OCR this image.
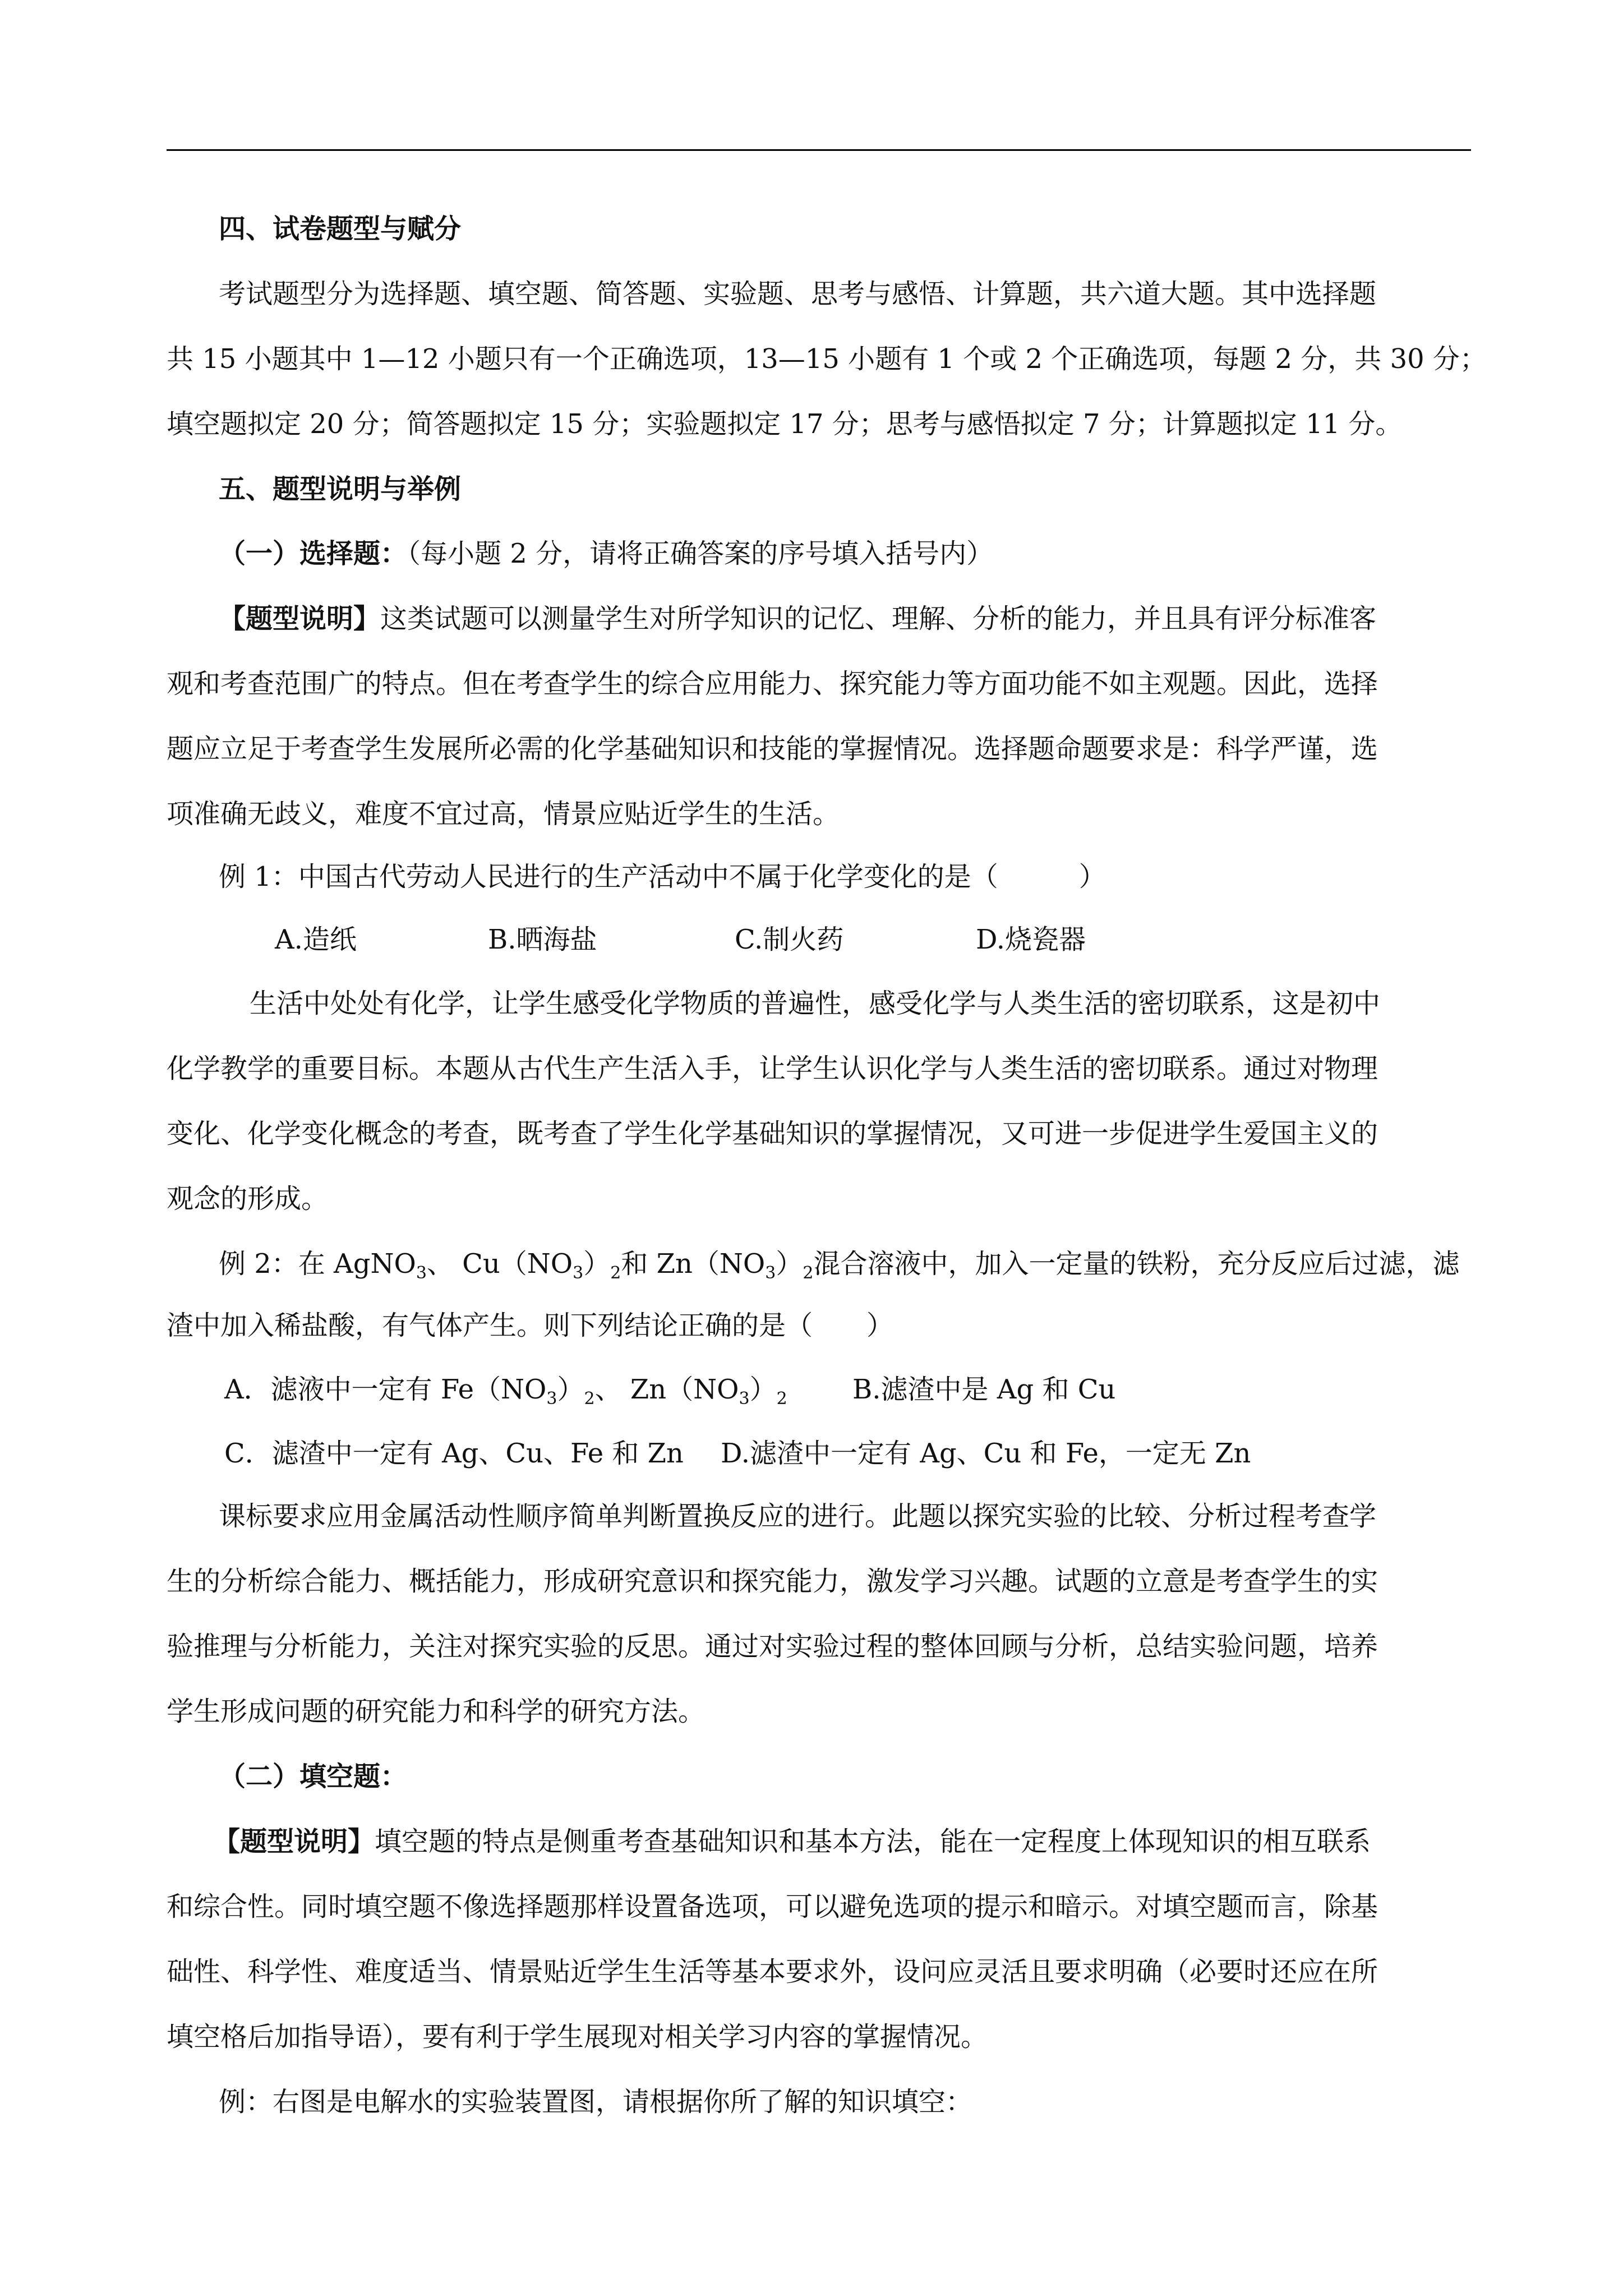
四、试卷题型与赋分
考试题型分为选择题、填空题、简答题、实验题、思考与感悟、计算题，共六道大题。其中选择题
共 15 小题其中 1—12 小题只有一个正确选项，13—15 小题有 1 个或 2 个正确选项，每题 2 分，共 30 分；
填空题拟定 20 分；简答题拟定 15 分；实验题拟定 17 分；思考与感悟拟定 7 分；计算题拟定 11 分。
五、题型说明与举例
（一）选择题：（每小题 2 分，请将正确答案的序号填入括号内）
【题型说明】这类试题可以测量学生对所学知识的记忆、理解、分析的能力，并且具有评分标准客
观和考查范围广的特点。但在考查学生的综合应用能力、探究能力等方面功能不如主观题。因此，选择
题应立足于考查学生发展所必需的化学基础知识和技能的掌握情况。选择题命题要求是：科学严谨，选
项准确无歧义，难度不宜过高，情景应贴近学生的生活。
例 1：中国古代劳动人民进行的生产活动中不属于化学变化的是（　　　）
A.造纸	B.晒海盐	C.制火药	D.烧瓷器
生活中处处有化学，让学生感受化学物质的普遍性，感受化学与人类生活的密切联系，这是初中
化学教学的重要目标。本题从古代生产生活入手，让学生认识化学与人类生活的密切联系。通过对物理
变化、化学变化概念的考查，既考查了学生化学基础知识的掌握情况，又可进一步促进学生爱国主义的
观念的形成。
例 2：在 AgNO$_3$、 $Cu(NO_3)_2$和 $Zn(NO_3)_2$混合溶液中，加入一定量的铁粉，充分反应后过滤，滤
渣中加入稀盐酸，有气体产生。则下列结论正确的是（　　）
A．滤液中一定有 $Fe(NO_3)_2$、 $Zn(NO_3)_2$ B.滤渣中是 Ag 和 Cu
C．滤渣中一定有 Ag、Cu、Fe 和 Zn D.滤渣中一定有 Ag、Cu 和 Fe，一定无 Zn
课标要求应用金属活动性顺序简单判断置换反应的进行。此题以探究实验的比较、分析过程考查学
生的分析综合能力、概括能力，形成研究意识和探究能力，激发学习兴趣。试题的立意是考查学生的实
验推理与分析能力，关注对探究实验的反思。通过对实验过程的整体回顾与分析，总结实验问题，培养
学生形成问题的研究能力和科学的研究方法。
（二）填空题：
【题型说明】填空题的特点是侧重考查基础知识和基本方法，能在一定程度上体现知识的相互联系
和综合性。同时填空题不像选择题那样设置备选项，可以避免选项的提示和暗示。对填空题而言，除基
础性、科学性、难度适当、情景贴近学生生活等基本要求外，设问应灵活且要求明确（必要时还应在所
填空格后加指导语），要有利于学生展现对相关学习内容的掌握情况。
例：右图是电解水的实验装置图，请根据你所了解的知识填空：
